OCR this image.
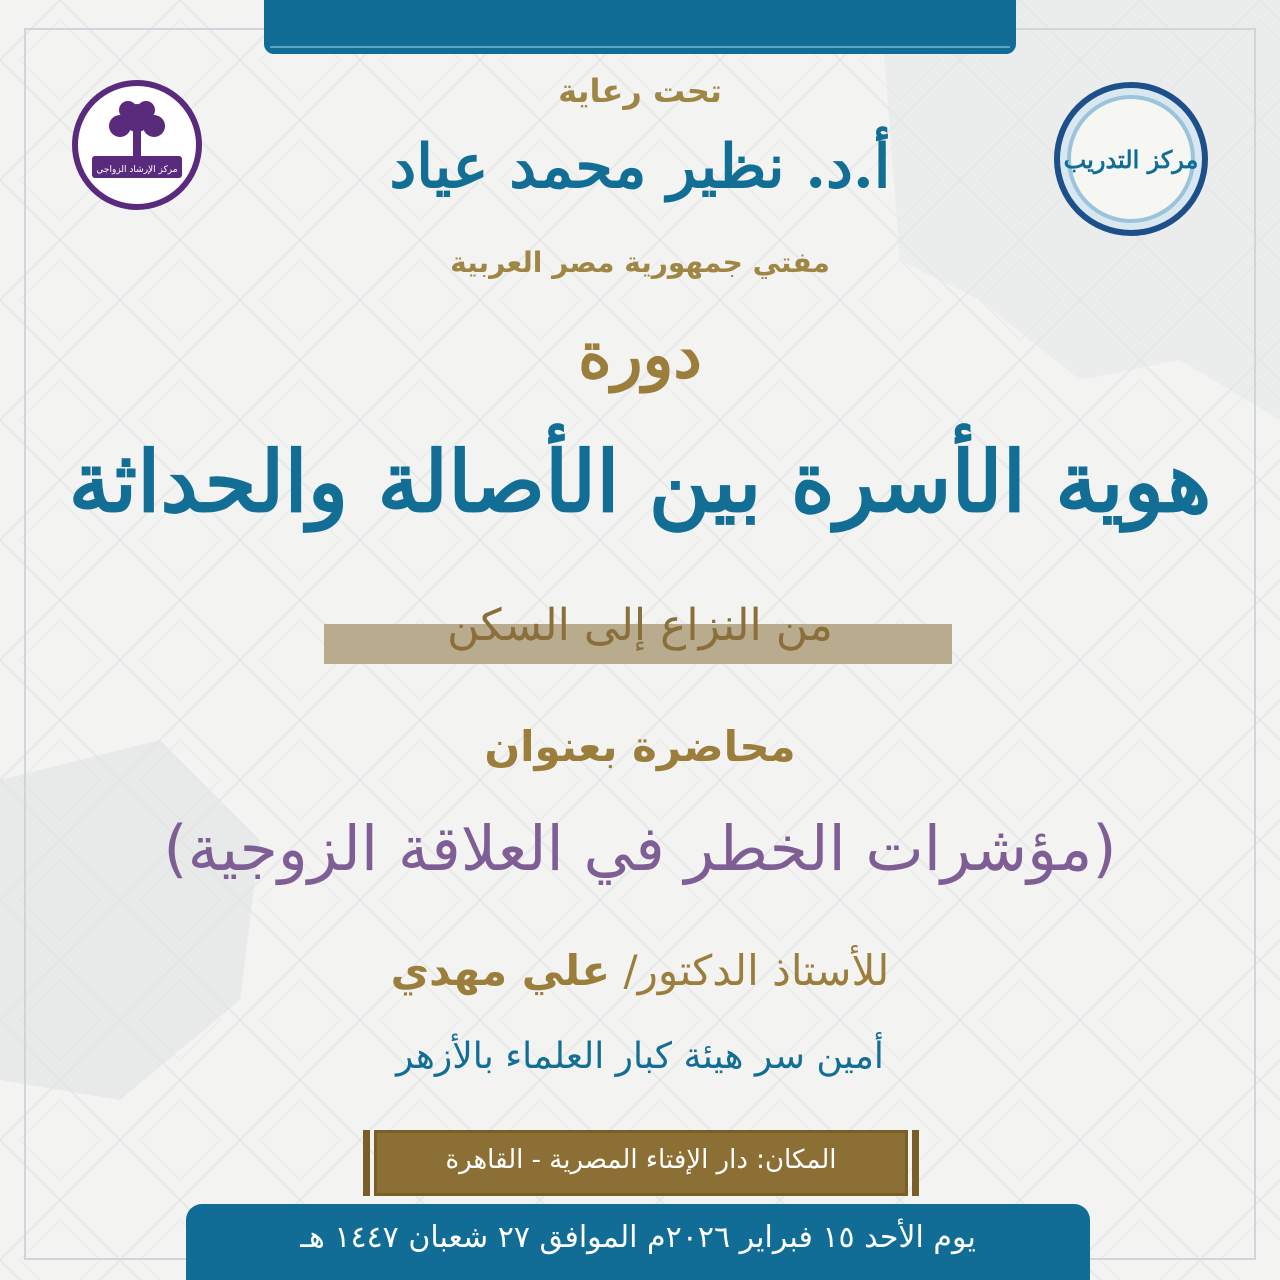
مركز الإرشاد الزواجي	مركز التدريب
تحت رعاية
أ.د. نظير محمد عياد
مفتي جمهورية مصر العربية
دورة
هوية الأسرة بين الأصالة والحداثة
من النزاع إلى السكن
محاضرة بعنوان
(مؤشرات الخطر في العلاقة الزوجية)
للأستاذ الدكتور/ علي مهدي
أمين سر هيئة كبار العلماء بالأزهر
المكان: دار الإفتاء المصرية - القاهرة
يوم الأحد ١٥ فبراير ٢٠٢٦م الموافق ٢٧ شعبان ١٤٤٧ هـ
